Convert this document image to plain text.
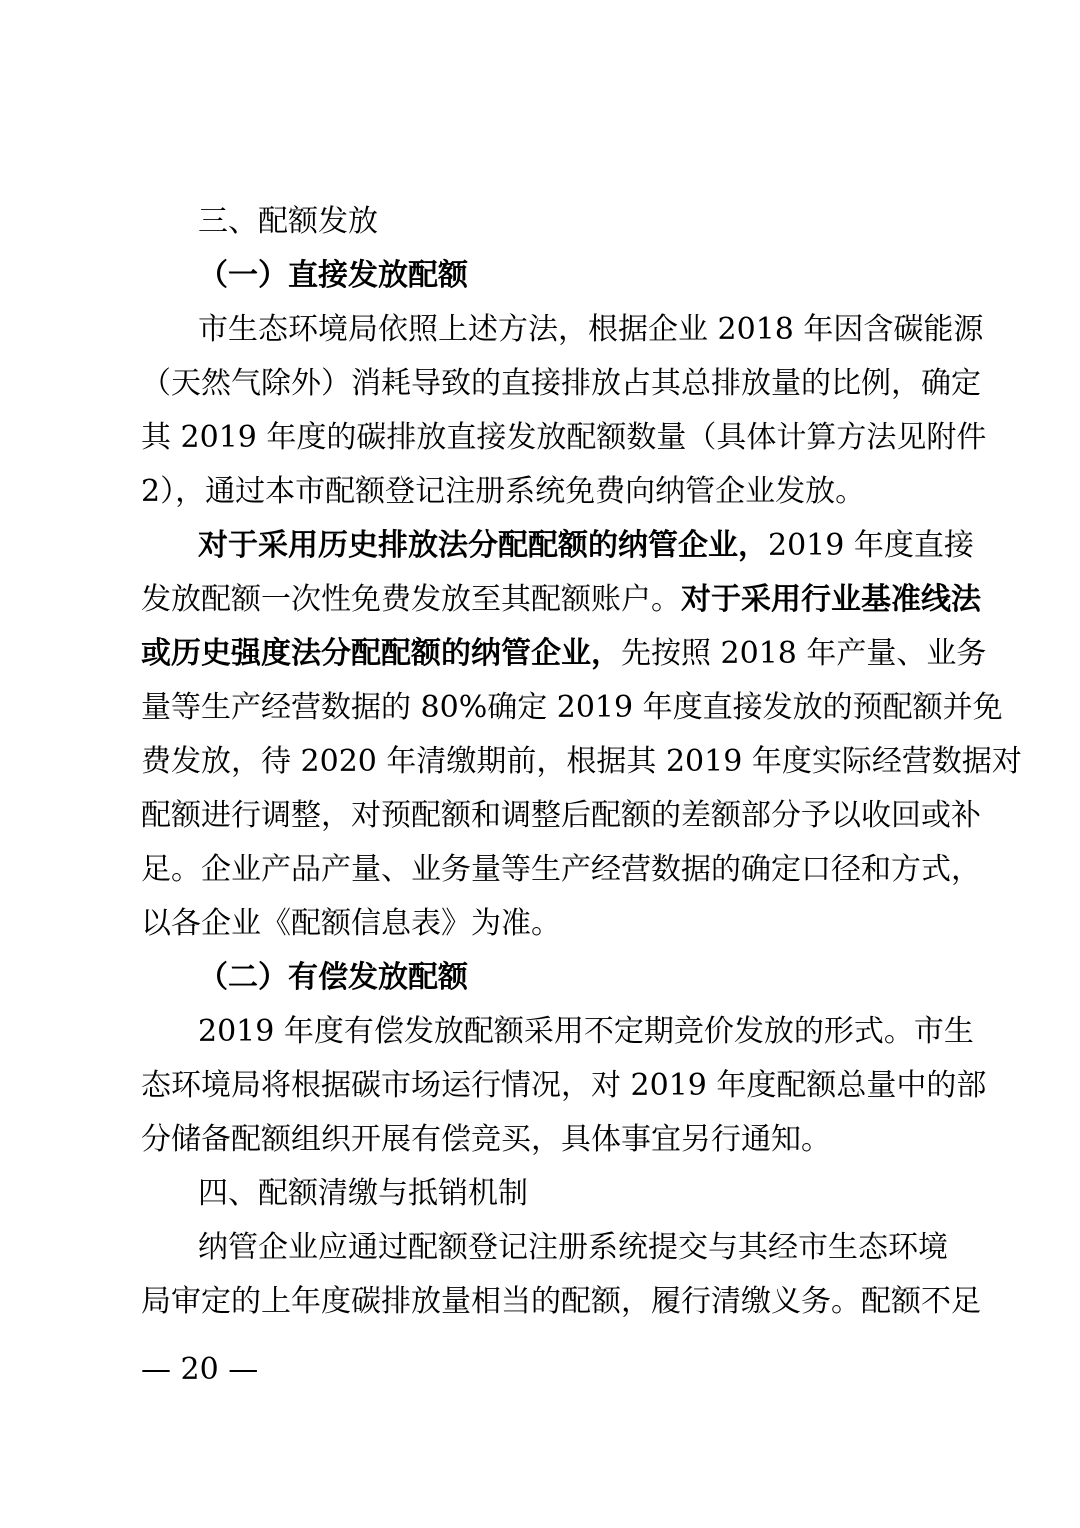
三、配额发放
（一）直接发放配额
市生态环境局依照上述方法，根据企业 2018 年因含碳能源
（天然气除外）消耗导致的直接排放占其总排放量的比例，确定
其 2019 年度的碳排放直接发放配额数量（具体计算方法见附件
2），通过本市配额登记注册系统免费向纳管企业发放。
对于采用历史排放法分配配额的纳管企业，2019 年度直接
发放配额一次性免费发放至其配额账户。对于采用行业基准线法
或历史强度法分配配额的纳管企业，先按照 2018 年产量、业务
量等生产经营数据的 80%确定 2019 年度直接发放的预配额并免
费发放，待 2020 年清缴期前，根据其 2019 年度实际经营数据对
配额进行调整，对预配额和调整后配额的差额部分予以收回或补
足。企业产品产量、业务量等生产经营数据的确定口径和方式，
以各企业《配额信息表》为准。
（二）有偿发放配额
2019 年度有偿发放配额采用不定期竞价发放的形式。市生
态环境局将根据碳市场运行情况，对 2019 年度配额总量中的部
分储备配额组织开展有偿竞买，具体事宜另行通知。
四、配额清缴与抵销机制
纳管企业应通过配额登记注册系统提交与其经市生态环境
局审定的上年度碳排放量相当的配额，履行清缴义务。配额不足
— 20 —
